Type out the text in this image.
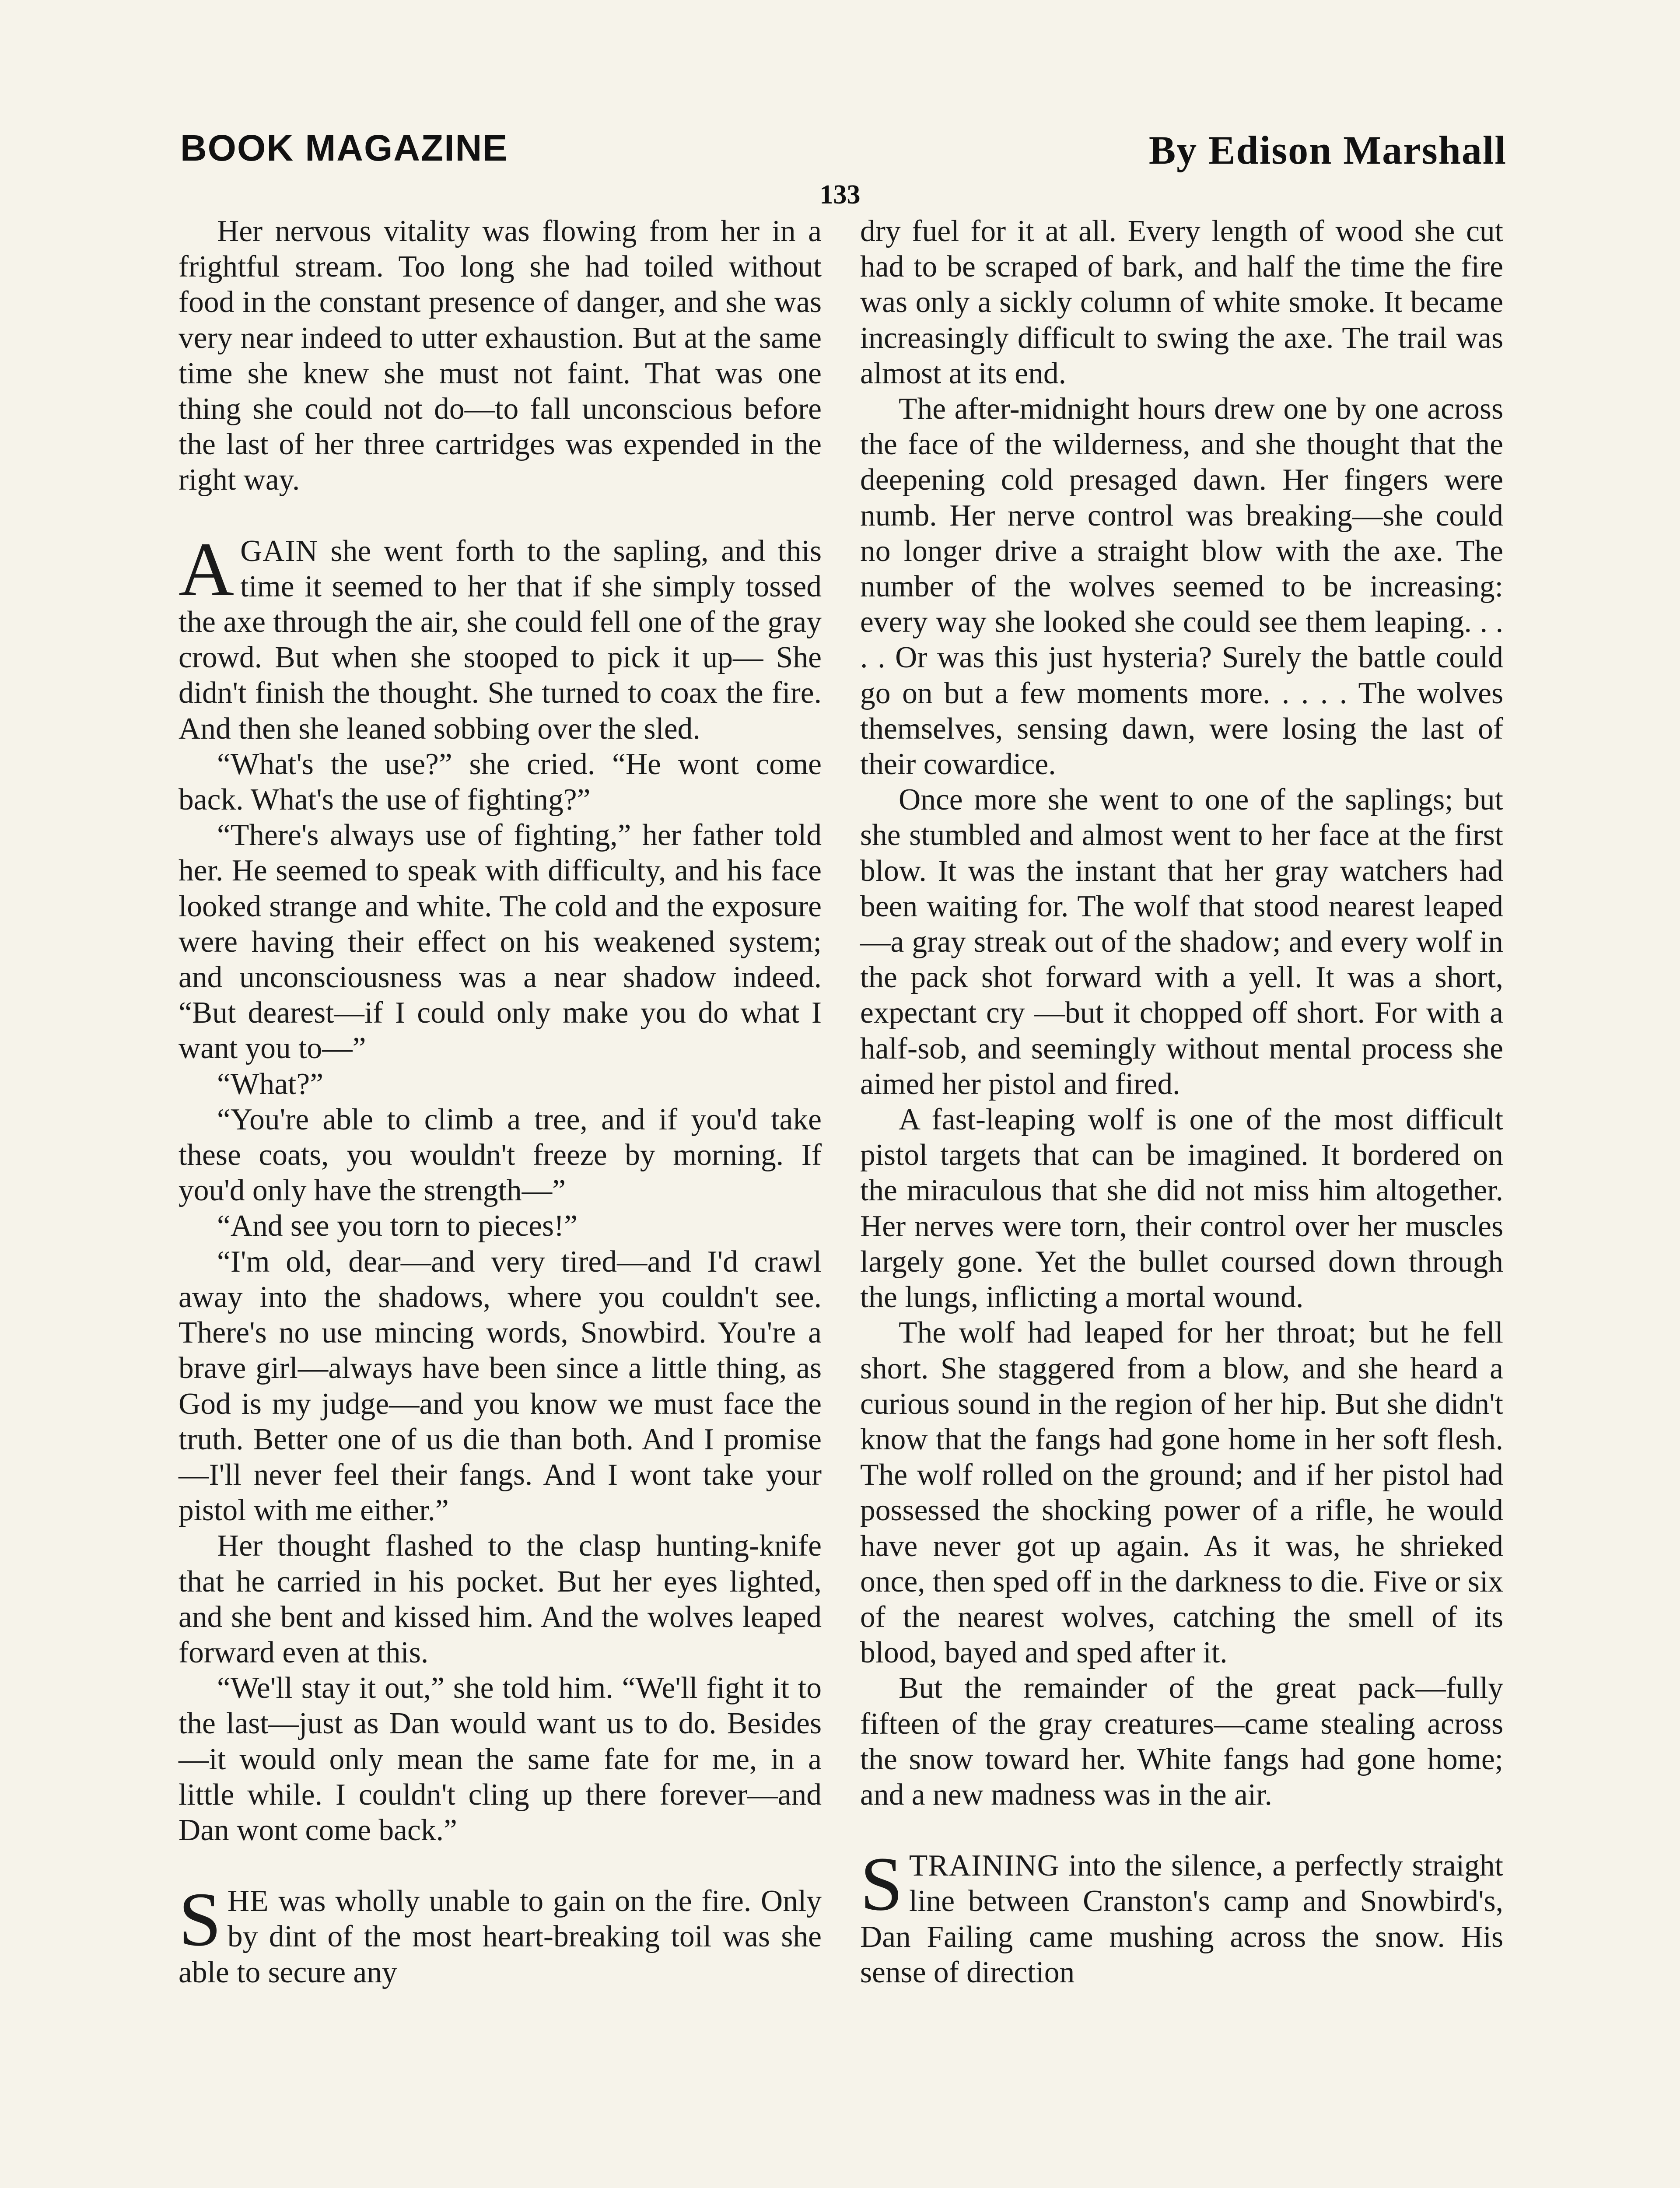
BOOK MAGAZINE	By Edison Marshall
133

Her nervous vitality was flowing from her in a frightful stream. Too long she had toiled without food in the constant presence of danger, and she was very near indeed to utter exhaustion. But at the same time she knew she must not faint. That was one thing she could not do—to fall unconscious before the last of her three cartridges was expended in the right way.

AGAIN she went forth to the sapling, and this time it seemed to her that if she simply tossed the axe through the air, she could fell one of the gray crowd. But when she stooped to pick it up— She didn't finish the thought. She turned to coax the fire. And then she leaned sobbing over the sled.

“What's the use?” she cried. “He wont come back. What's the use of fighting?”

“There's always use of fighting,” her father told her. He seemed to speak with difficulty, and his face looked strange and white. The cold and the exposure were having their effect on his weakened system; and unconsciousness was a near shadow indeed. “But dearest—if I could only make you do what I want you to—”

“What?”

“You're able to climb a tree, and if you'd take these coats, you wouldn't freeze by morning. If you'd only have the strength—”

“And see you torn to pieces!”

“I'm old, dear—and very tired—and I'd crawl away into the shadows, where you couldn't see. There's no use mincing words, Snowbird. You're a brave girl—always have been since a little thing, as God is my judge—and you know we must face the truth. Better one of us die than both. And I promise—I'll never feel their fangs. And I wont take your pistol with me either.”

Her thought flashed to the clasp hunting-knife that he carried in his pocket. But her eyes lighted, and she bent and kissed him. And the wolves leaped forward even at this.

“We'll stay it out,” she told him. “We'll fight it to the last—just as Dan would want us to do. Besides—it would only mean the same fate for me, in a little while. I couldn't cling up there forever—and Dan wont come back.”

SHE was wholly unable to gain on the fire. Only by dint of the most heart-breaking toil was she able to secure any

dry fuel for it at all. Every length of wood she cut had to be scraped of bark, and half the time the fire was only a sickly column of white smoke. It became increasingly difficult to swing the axe. The trail was almost at its end.

The after-midnight hours drew one by one across the face of the wilderness, and she thought that the deepening cold presaged dawn. Her fingers were numb. Her nerve control was breaking—she could no longer drive a straight blow with the axe. The number of the wolves seemed to be increasing: every way she looked she could see them leaping. . . . . Or was this just hysteria? Surely the battle could go on but a few moments more. . . . . The wolves themselves, sensing dawn, were losing the last of their cowardice.

Once more she went to one of the saplings; but she stumbled and almost went to her face at the first blow. It was the instant that her gray watchers had been waiting for. The wolf that stood nearest leaped—a gray streak out of the shadow; and every wolf in the pack shot forward with a yell. It was a short, expectant cry —but it chopped off short. For with a half-sob, and seemingly without mental process she aimed her pistol and fired.

A fast-leaping wolf is one of the most difficult pistol targets that can be imagined. It bordered on the miraculous that she did not miss him altogether. Her nerves were torn, their control over her muscles largely gone. Yet the bullet coursed down through the lungs, inflicting a mortal wound.

The wolf had leaped for her throat; but he fell short. She staggered from a blow, and she heard a curious sound in the region of her hip. But she didn't know that the fangs had gone home in her soft flesh. The wolf rolled on the ground; and if her pistol had possessed the shocking power of a rifle, he would have never got up again. As it was, he shrieked once, then sped off in the darkness to die. Five or six of the nearest wolves, catching the smell of its blood, bayed and sped after it.

But the remainder of the great pack—fully fifteen of the gray creatures—came stealing across the snow toward her. White fangs had gone home; and a new madness was in the air.

STRAINING into the silence, a perfectly straight line between Cranston's camp and Snowbird's, Dan Failing came mushing across the snow. His sense of direction
